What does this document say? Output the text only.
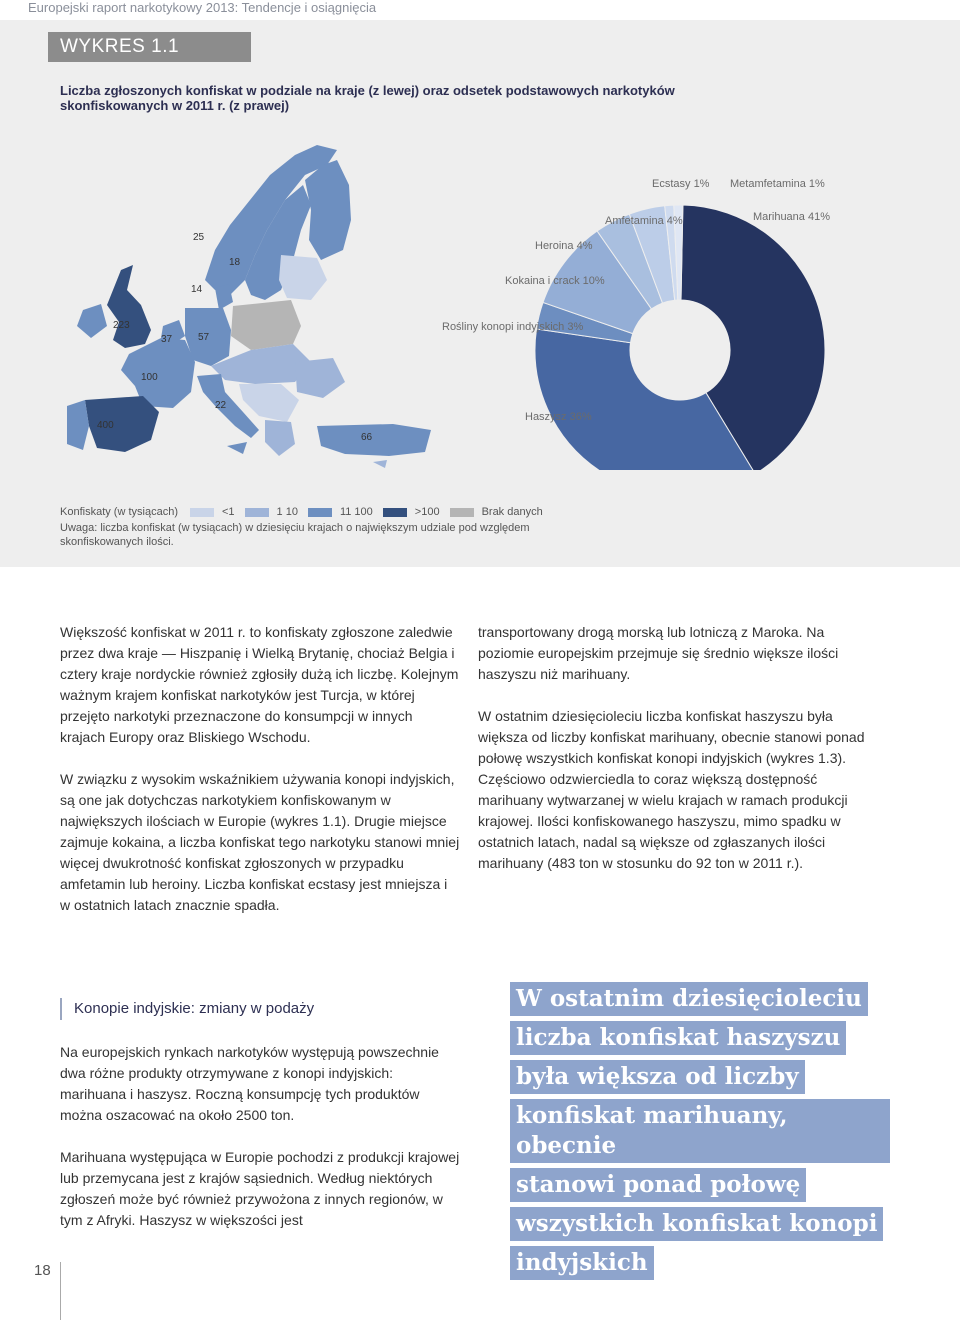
Europejski raport narkotykowy 2013: Tendencje i osiągnięcia
WYKRES 1.1
Liczba zgłoszonych konfiskat w podziale na kraje (z lewej) oraz odsetek podstawowych narkotyków skonfiskowanych w 2011 r. (z prawej)
25
18
14
223
37	57
100
22
400
66
Marihuana 41%
Haszysz 36%
Rośliny konopi indyjskich 3%
Kokaina i crack 10%
Heroina 4%
Amfetamina 4%
Ecstasy 1% Metamfetamina 1%
Konfiskaty (w tysiącach)	<1	1 10	11 100	>100	Brak danych
Uwaga: liczba konfiskat (w tysiącach) w dziesięciu krajach o największym udziale pod względem skonfiskowanych ilości.

Większość konfiskat w 2011 r. to konfiskaty zgłoszone zaledwie przez dwa kraje — Hiszpanię i Wielką Brytanię, chociaż Belgia i cztery kraje nordyckie również zgłosiły dużą ich liczbę. Kolejnym ważnym krajem konfiskat narkotyków jest Turcja, w której przejęto narkotyki przeznaczone do konsumpcji w innych krajach Europy oraz Bliskiego Wschodu.

W związku z wysokim wskaźnikiem używania konopi indyjskich, są one jak dotychczas narkotykiem konfiskowanym w największych ilościach w Europie (wykres 1.1). Drugie miejsce zajmuje kokaina, a liczba konfiskat tego narkotyku stanowi mniej więcej dwukrotność konfiskat zgłoszonych w przypadku amfetamin lub heroiny. Liczba konfiskat ecstasy jest mniejsza i w ostatnich latach znacznie spadła.

transportowany drogą morską lub lotniczą z Maroka. Na poziomie europejskim przejmuje się średnio większe ilości haszyszu niż marihuany.

W ostatnim dziesięcioleciu liczba konfiskat haszyszu była większa od liczby konfiskat marihuany, obecnie stanowi ponad połowę wszystkich konfiskat konopi indyjskich (wykres 1.3). Częściowo odzwierciedla to coraz większą dostępność marihuany wytwarzanej w wielu krajach w ramach produkcji krajowej. Ilości konfiskowanego haszyszu, mimo spadku w ostatnich latach, nadal są większe od zgłaszanych ilości marihuany (483 ton w stosunku do 92 ton w 2011 r.).

Konopie indyjskie: zmiany w podaży

Na europejskich rynkach narkotyków występują powszechnie dwa różne produkty otrzymywane z konopi indyjskich: marihuana i haszysz. Roczną konsumpcję tych produktów można oszacować na około 2500 ton.

Marihuana występująca w Europie pochodzi z produkcji krajowej lub przemycana jest z krajów sąsiednich. Według niektórych zgłoszeń może być również przywożona z innych regionów, w tym z Afryki. Haszysz w większości jest

W ostatnim dziesięcioleciu
liczba konfiskat haszyszu
była większa od liczby
konfiskat marihuany, obecnie
stanowi ponad połowę
wszystkich konfiskat konopi
indyjskich
18
